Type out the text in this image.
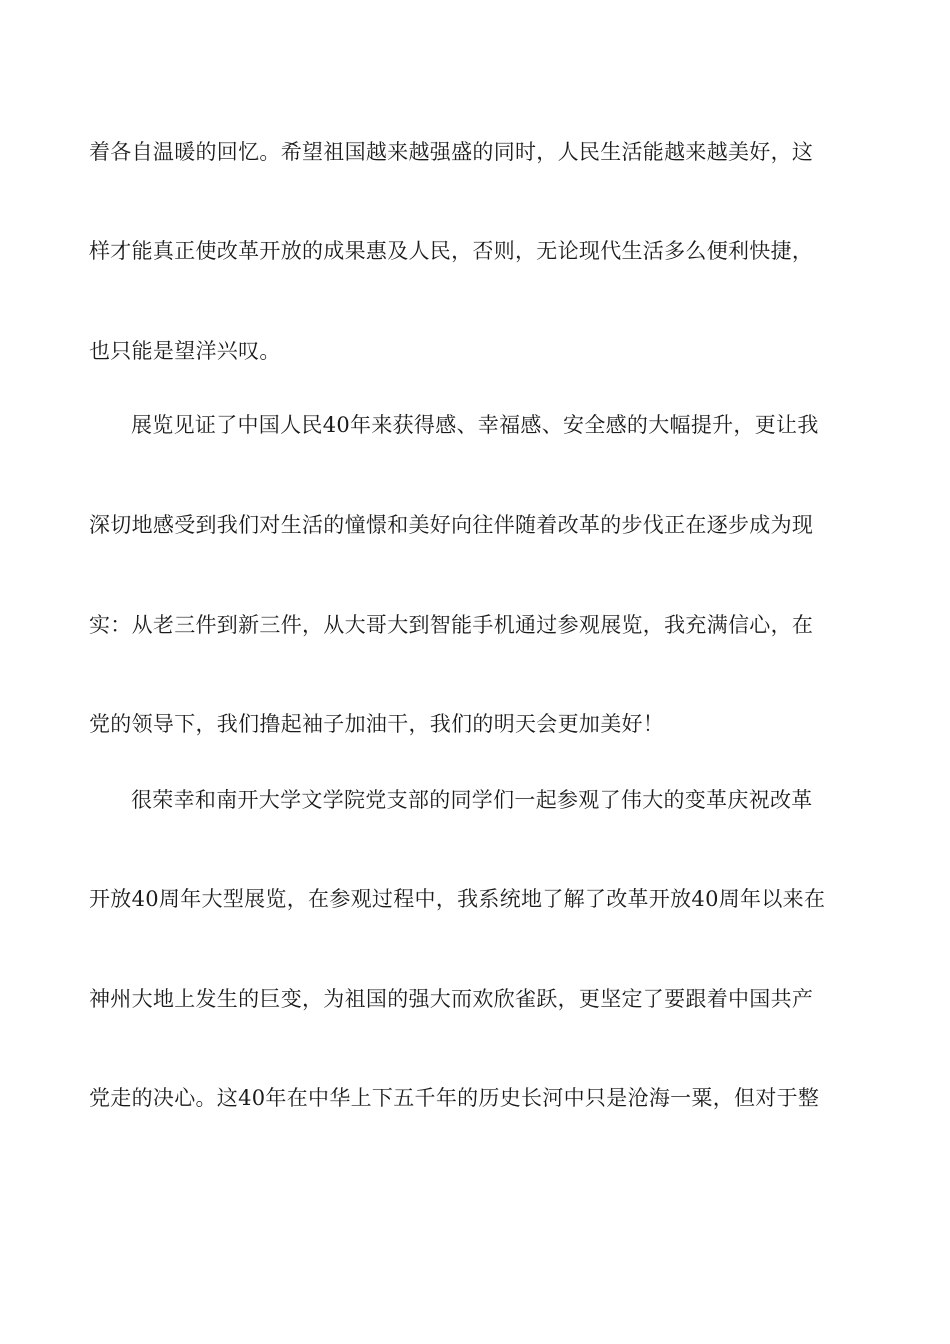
着各自温暖的回忆。希望祖国越来越强盛的同时，人民生活能越来越美好，这
样才能真正使改革开放的成果惠及人民，否则，无论现代生活多么便利快捷，
也只能是望洋兴叹。
展览见证了中国人民40年来获得感、幸福感、安全感的大幅提升，更让我
深切地感受到我们对生活的憧憬和美好向往伴随着改革的步伐正在逐步成为现
实：从老三件到新三件，从大哥大到智能手机通过参观展览，我充满信心，在
党的领导下，我们撸起袖子加油干，我们的明天会更加美好！
很荣幸和南开大学文学院党支部的同学们一起参观了伟大的变革庆祝改革
开放40周年大型展览，在参观过程中，我系统地了解了改革开放40周年以来在
神州大地上发生的巨变，为祖国的强大而欢欣雀跃，更坚定了要跟着中国共产
党走的决心。这40年在中华上下五千年的历史长河中只是沧海一粟，但对于整
